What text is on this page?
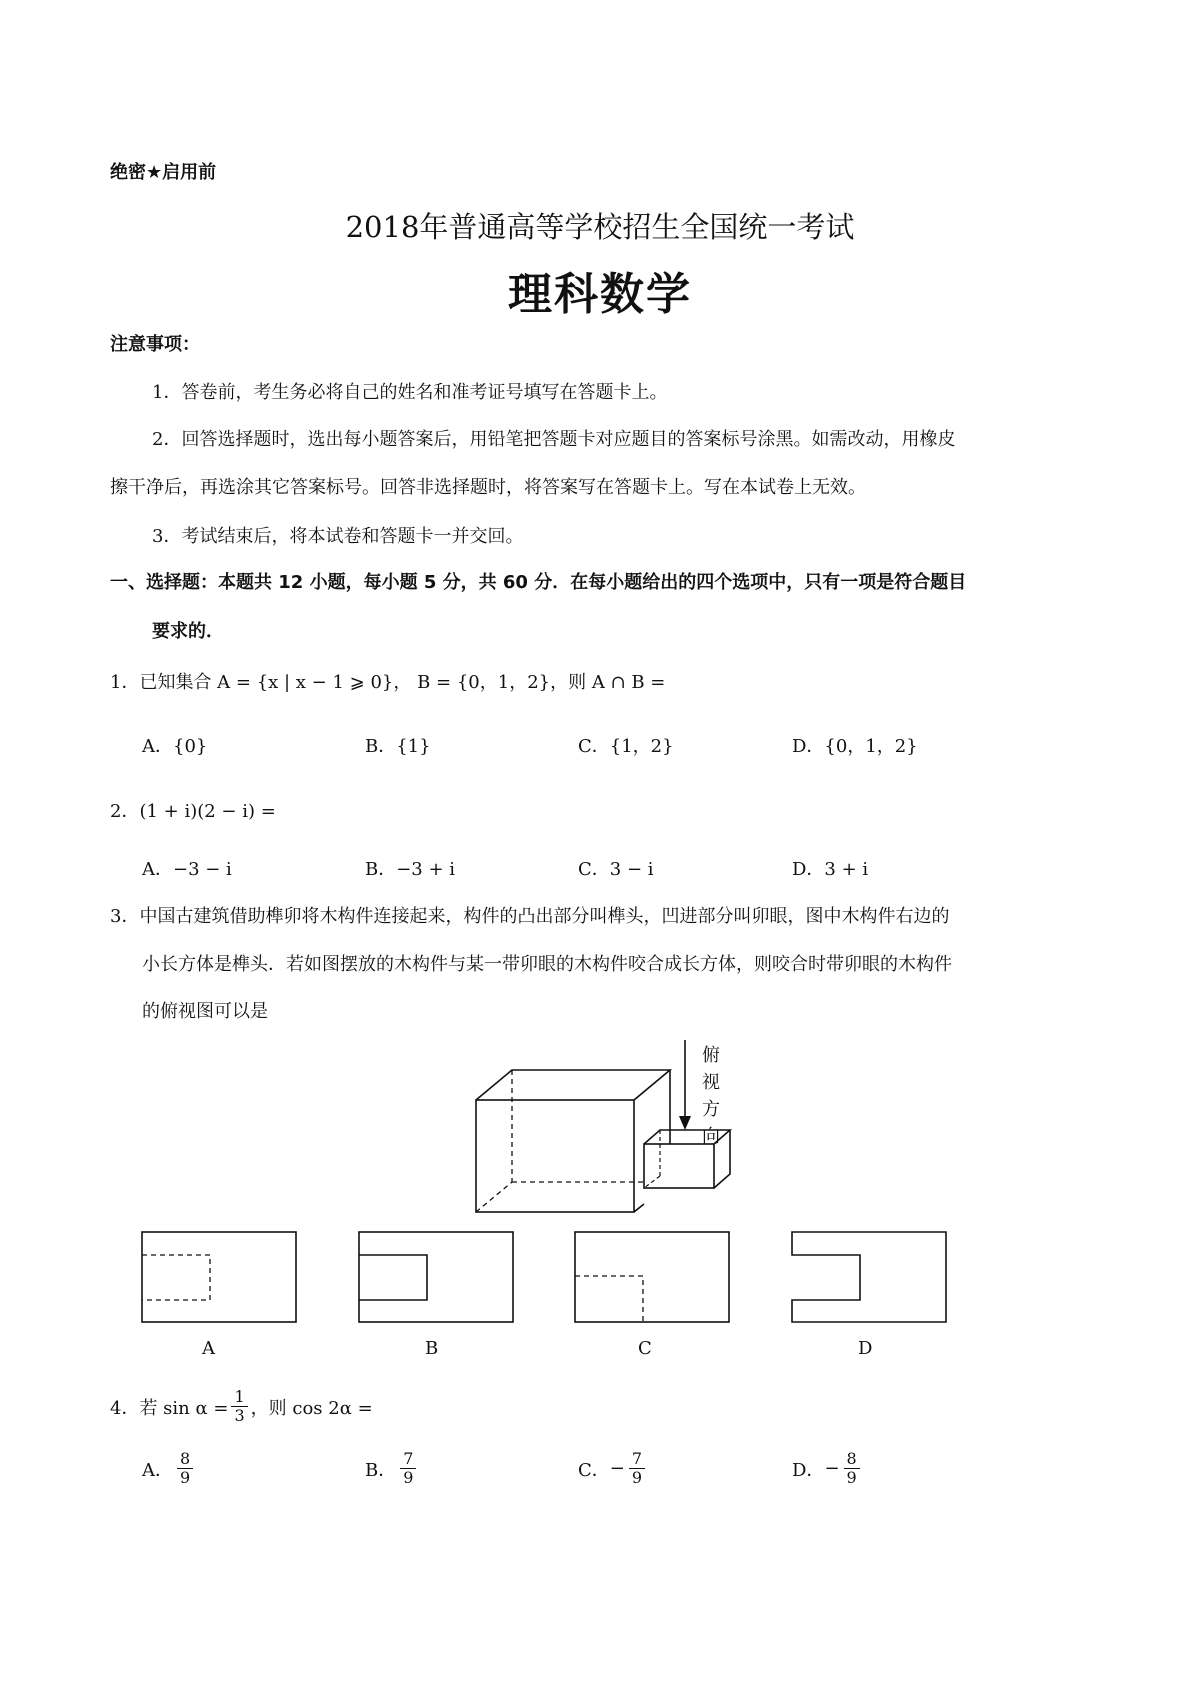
绝密★启用前
2018年普通高等学校招生全国统一考试
理科数学
注意事项：
1．答卷前，考生务必将自己的姓名和准考证号填写在答题卡上。
2．回答选择题时，选出每小题答案后，用铅笔把答题卡对应题目的答案标号涂黑。如需改动，用橡皮
擦干净后，再选涂其它答案标号。回答非选择题时，将答案写在答题卡上。写在本试卷上无效。
3．考试结束后，将本试卷和答题卡一并交回。
一、选择题：本题共 12 小题，每小题 5 分，共 60 分．在每小题给出的四个选项中，只有一项是符合题目
要求的．
1．已知集合 A = {x | x − 1 ⩾ 0}， B = {0，1，2}，则 A ∩ B =
A．{0}	B．{1}	C．{1，2}	D．{0，1，2}
2．(1 + i)(2 − i) =
A．−3 − i	B．−3 + i	C．3 − i	D．3 + i
3．中国古建筑借助榫卯将木构件连接起来，构件的凸出部分叫榫头，凹进部分叫卯眼，图中木构件右边的
小长方体是榫头．若如图摆放的木构件与某一带卯眼的木构件咬合成长方体，则咬合时带卯眼的木构件
的俯视图可以是
俯
视
方
向
A	B	C	D
4．若 $\sin \alpha = \frac{1}{3}$ ，则 cos 2α =
A． $\frac{8}{9}$	B． $\frac{7}{9}$	C． − $\frac{7}{9}$	D． − $\frac{8}{9}$
